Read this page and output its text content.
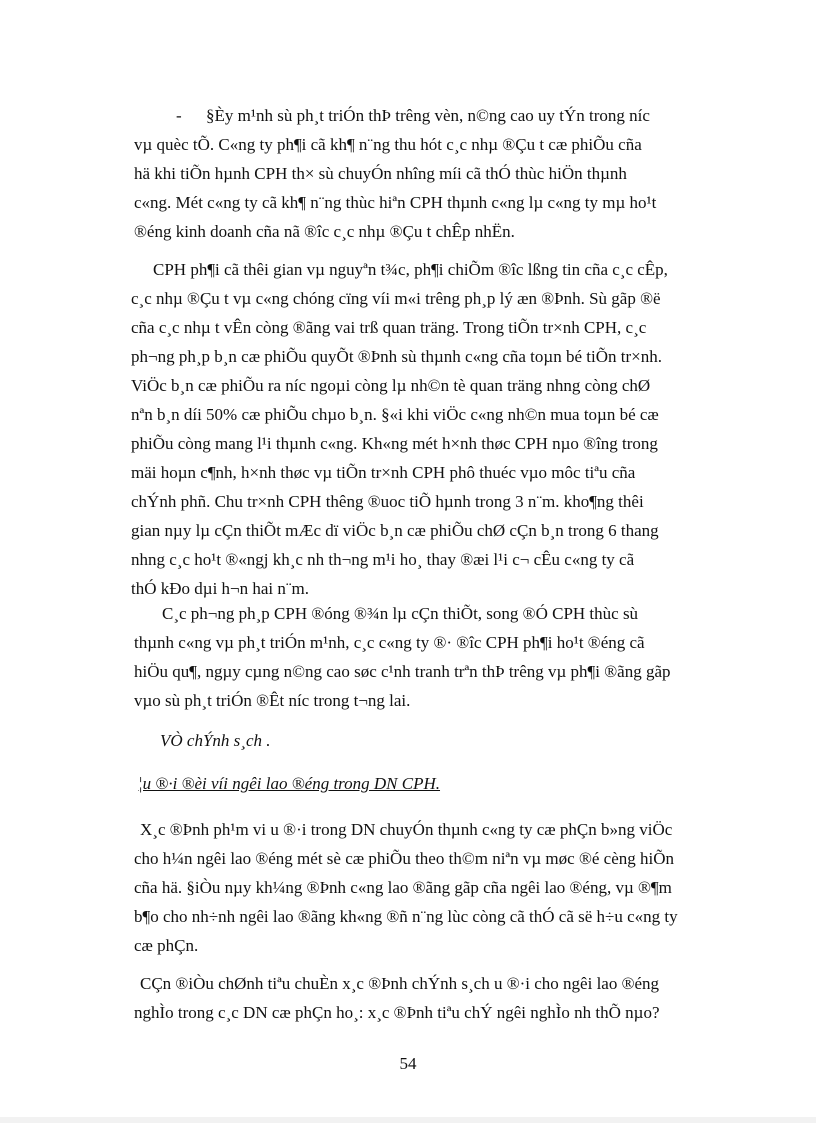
-	§Èy m¹nh sù ph¸t triÓn thÞ trêng vèn, n©ng cao uy tÝn trong níc
vµ quèc tÕ. C«ng ty ph¶i cã kh¶ n¨ng thu hót c¸c nhµ ®Çu t cæ phiÕu cña
hä khi tiÕn hµnh CPH th× sù chuyÓn nhîng míi cã thÓ thùc hiÖn thµnh
c«ng. Mét c«ng ty cã kh¶ n¨ng thùc hiªn CPH thµnh c«ng lµ c«ng ty mµ ho¹t
®éng kinh doanh cña nã ®îc c¸c nhµ ®Çu t chÊp nhËn.

CPH ph¶i cã thêi gian vµ nguyªn t¾c, ph¶i chiÕm ®îc lßng tin cña c¸c cÊp,
c¸c nhµ ®Çu t vµ c«ng chóng cïng víi m«i trêng ph¸p lý æn ®Þnh. Sù gãp ®ë
cña c¸c nhµ t vÊn còng ®ãng vai trß quan träng. Trong tiÕn tr×nh CPH, c¸c
ph¬ng ph¸p b¸n cæ phiÕu quyÕt ®Þnh sù thµnh c«ng cña toµn bé tiÕn tr×nh.
ViÖc b¸n cæ phiÕu ra níc ngoµi còng lµ nh©n tè quan träng nhng còng chØ
nªn b¸n díi 50% cæ phiÕu chµo b¸n. §«i khi viÖc c«ng nh©n mua toµn bé cæ
phiÕu còng mang l¹i thµnh c«ng. Kh«ng mét h×nh thøc CPH nµo ®îng trong
mäi hoµn c¶nh, h×nh thøc vµ tiÕn tr×nh CPH phô thuéc vµo môc tiªu cña
chÝnh phñ. Chu tr×nh CPH thêng ®uoc tiÕ hµnh trong 3 n¨m. kho¶ng thêi
gian nµy lµ cÇn thiÕt mÆc dï viÖc b¸n cæ phiÕu chØ cÇn b¸n trong 6 thang
nhng c¸c ho¹t ®«ngj kh¸c nh th¬ng m¹i ho¸ thay ®æi l¹i c¬ cÊu c«ng ty cã
thÓ kÐo dµi h¬n hai n¨m.

C¸c ph¬ng ph¸p CPH ®óng ®¾n lµ cÇn thiÕt, song ®Ó CPH thùc sù
thµnh c«ng vµ ph¸t triÓn m¹nh, c¸c c«ng ty ®· ®îc CPH ph¶i ho¹t ®éng cã
hiÖu qu¶, ngµy cµng n©ng cao søc c¹nh tranh trªn thÞ trêng vµ ph¶i ®ãng gãp
vµo sù ph¸t triÓn ®Êt níc trong t¬ng lai.

VÒ chÝnh s¸ch .

¦u ®·i ®èi víi ngêi lao ®éng trong DN CPH.

X¸c ®Þnh ph¹m vi u ®·i trong DN chuyÓn thµnh c«ng ty cæ phÇn b»ng viÖc
cho h¼n ngêi lao ®éng mét sè cæ phiÕu theo th©m niªn vµ møc ®é cèng hiÕn
cña hä. §iÒu nµy kh¼ng ®Þnh c«ng lao ®ãng gãp cña ngêi lao ®éng, vµ ®¶m
b¶o cho nh÷nh ngêi lao ®ãng kh«ng ®ñ n¨ng lùc còng cã thÓ cã së h÷u c«ng ty
cæ phÇn.

CÇn ®iÒu chØnh tiªu chuÈn x¸c ®Þnh chÝnh s¸ch u ®·i cho ngêi lao ®éng
nghÌo trong c¸c DN cæ phÇn ho¸: x¸c ®Þnh tiªu chÝ ngêi nghÌo nh thÕ nµo?

54
